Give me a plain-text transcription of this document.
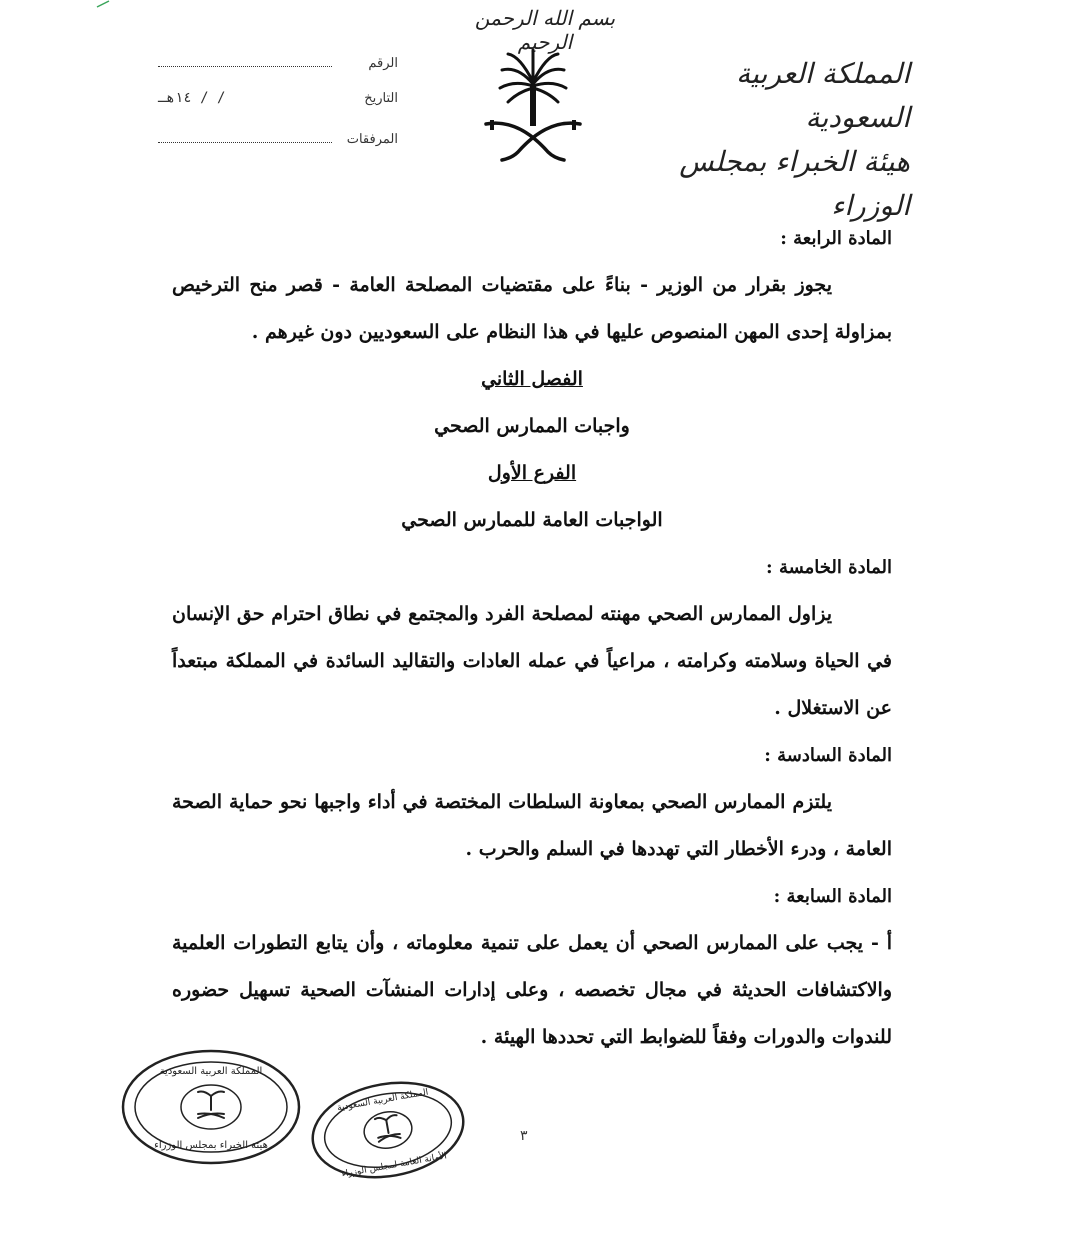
بسم الله الرحمن الرحيم
المملكة العربية السعودية
هيئة الخبراء بمجلس الوزراء
الرقم
التاريخ
/ / ١٤هـ
المرفقات
المادة الرابعة :
يجوز بقرار من الوزير - بناءً على مقتضيات المصلحة العامة - قصر منح الترخيص بمزاولة إحدى المهن المنصوص عليها في هذا النظام على السعوديين دون غيرهم .
الفصل الثاني
واجبات الممارس الصحي
الفرع الأول
الواجبات العامة للممارس الصحي
المادة الخامسة :
يزاول الممارس الصحي مهنته لمصلحة الفرد والمجتمع في نطاق احترام حق الإنسان في الحياة وسلامته وكرامته ، مراعياً في عمله العادات والتقاليد السائدة في المملكة مبتعداً عن الاستغلال .
المادة السادسة :
يلتزم الممارس الصحي بمعاونة السلطات المختصة في أداء واجبها نحو حماية الصحة العامة ، ودرء الأخطار التي تهددها في السلم والحرب .
المادة السابعة :
أ - يجب على الممارس الصحي أن يعمل على تنمية معلوماته ، وأن يتابع التطورات العلمية والاكتشافات الحديثة في مجال تخصصه ، وعلى إدارات المنشآت الصحية تسهيل حضوره للندوات والدورات وفقاً للضوابط التي تحددها الهيئة .
٣
المملكة العربية السعودية
هيئة الخبراء بمجلس الوزراء
المملكة العربية السعودية
الأمانة العامة لمجلس الوزراء
